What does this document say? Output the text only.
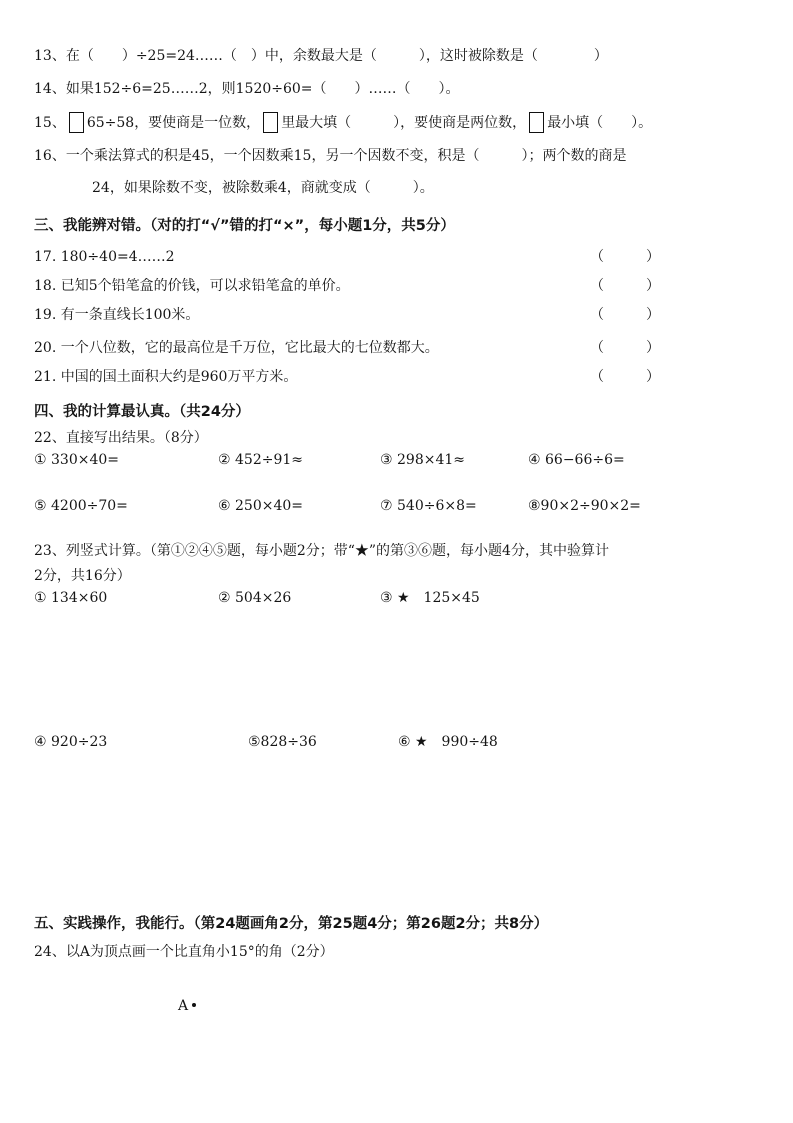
13、在（　　）÷25=24……（　）中，余数最大是（　　　），这时被除数是（　　　　）
14、如果152÷6=25……2，则1520÷60=（　　）……（　　）。
15、 65÷58，要使商是一位数， 里最大填（　　　），要使商是两位数， 最小填（　　）。
16、一个乘法算式的积是45，一个因数乘15，另一个因数不变，积是（　　　）；两个数的商是
24，如果除数不变，被除数乘4，商就变成（　　　）。
三、我能辨对错。（对的打“√”错的打“×”，每小题1分，共5分）
17. 180÷40=4……2	（　　　）
18. 已知5个铅笔盒的价钱，可以求铅笔盒的单价。	（　　　）
19. 有一条直线长100米。	（　　　）
20. 一个八位数，它的最高位是千万位，它比最大的七位数都大。	（　　　）
21. 中国的国土面积大约是960万平方米。	（　　　）
四、我的计算最认真。（共24分）
22、直接写出结果。（8分）
① 330×40=	② 452÷91≈	③ 298×41≈	④ 66−66÷6=
⑤ 4200÷70=	⑥ 250×40=	⑦ 540÷6×8=	⑧90×2÷90×2=
23、列竖式计算。（第①②④⑤题，每小题2分；带“★”的第③⑥题，每小题4分，其中验算计
2分，共16分）
① 134×60	② 504×26	③ ★　125×45
④ 920÷23	⑤828÷36	⑥ ★　990÷48
五、实践操作，我能行。（第24题画角2分，第25题4分；第26题2分；共8分）
24、以A为顶点画一个比直角小15°的角（2分）
A
